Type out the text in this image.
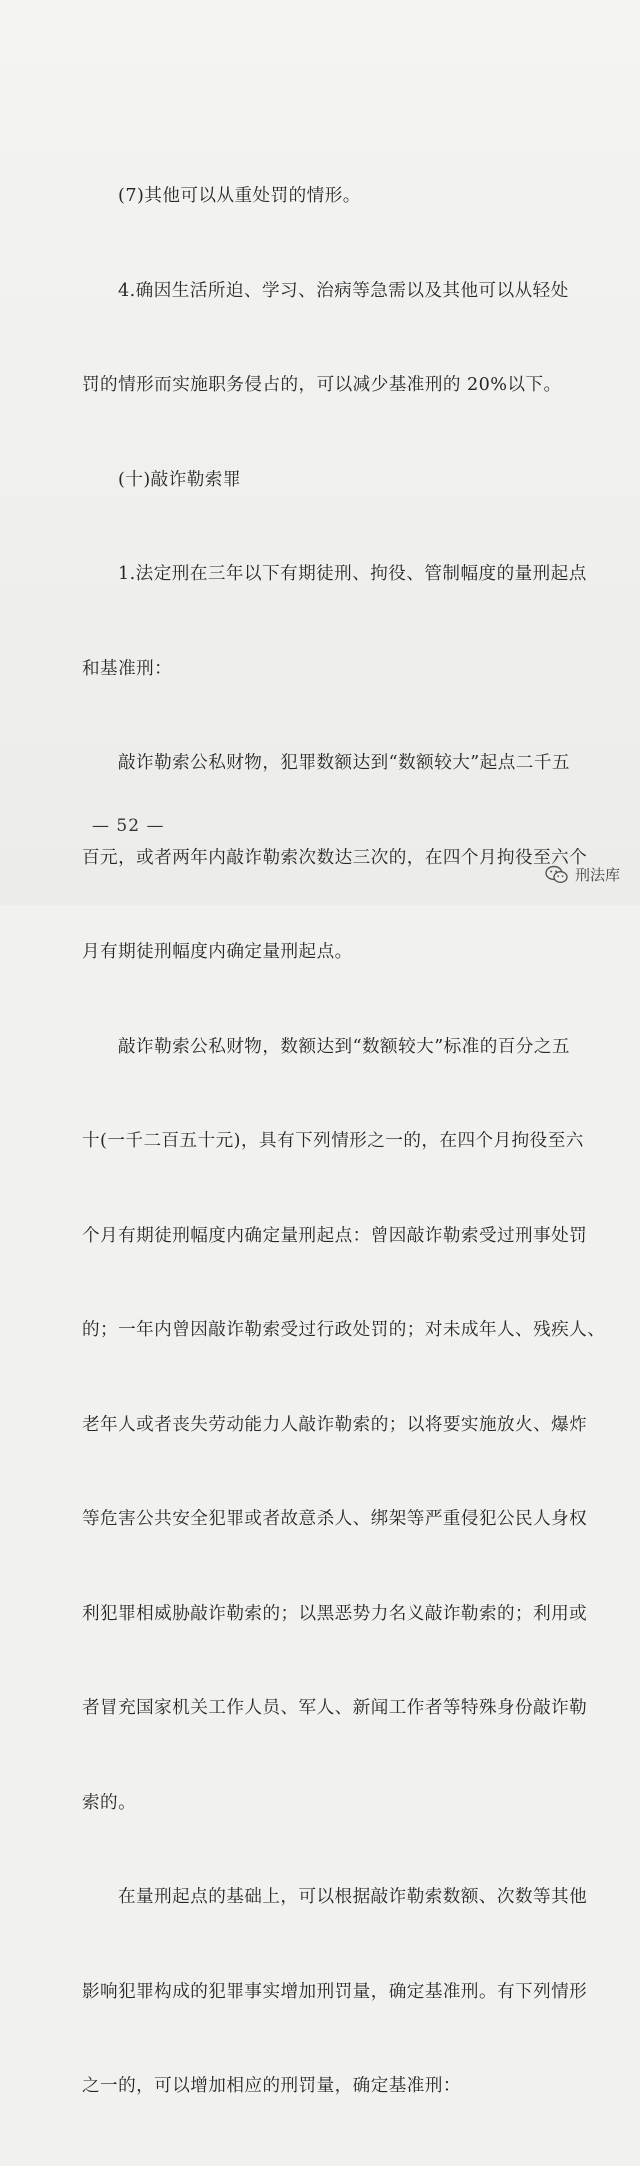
(7)其他可以从重处罚的情形。

4.确因生活所迫、学习、治病等急需以及其他可以从轻处

罚的情形而实施职务侵占的，可以减少基准刑的 20%以下。

(十)敲诈勒索罪

1.法定刑在三年以下有期徒刑、拘役、管制幅度的量刑起点

和基准刑：

敲诈勒索公私财物，犯罪数额达到“数额较大”起点二千五

百元，或者两年内敲诈勒索次数达三次的，在四个月拘役至六个

月有期徒刑幅度内确定量刑起点。

敲诈勒索公私财物，数额达到“数额较大”标准的百分之五

十(一千二百五十元)，具有下列情形之一的，在四个月拘役至六

个月有期徒刑幅度内确定量刑起点：曾因敲诈勒索受过刑事处罚

的；一年内曾因敲诈勒索受过行政处罚的；对未成年人、残疾人、

老年人或者丧失劳动能力人敲诈勒索的；以将要实施放火、爆炸

等危害公共安全犯罪或者故意杀人、绑架等严重侵犯公民人身权

利犯罪相威胁敲诈勒索的；以黑恶势力名义敲诈勒索的；利用或

者冒充国家机关工作人员、军人、新闻工作者等特殊身份敲诈勒

索的。

在量刑起点的基础上，可以根据敲诈勒索数额、次数等其他

影响犯罪构成的犯罪事实增加刑罚量，确定基准刑。有下列情形

之一的，可以增加相应的刑罚量，确定基准刑：

— 52 —
刑法库
